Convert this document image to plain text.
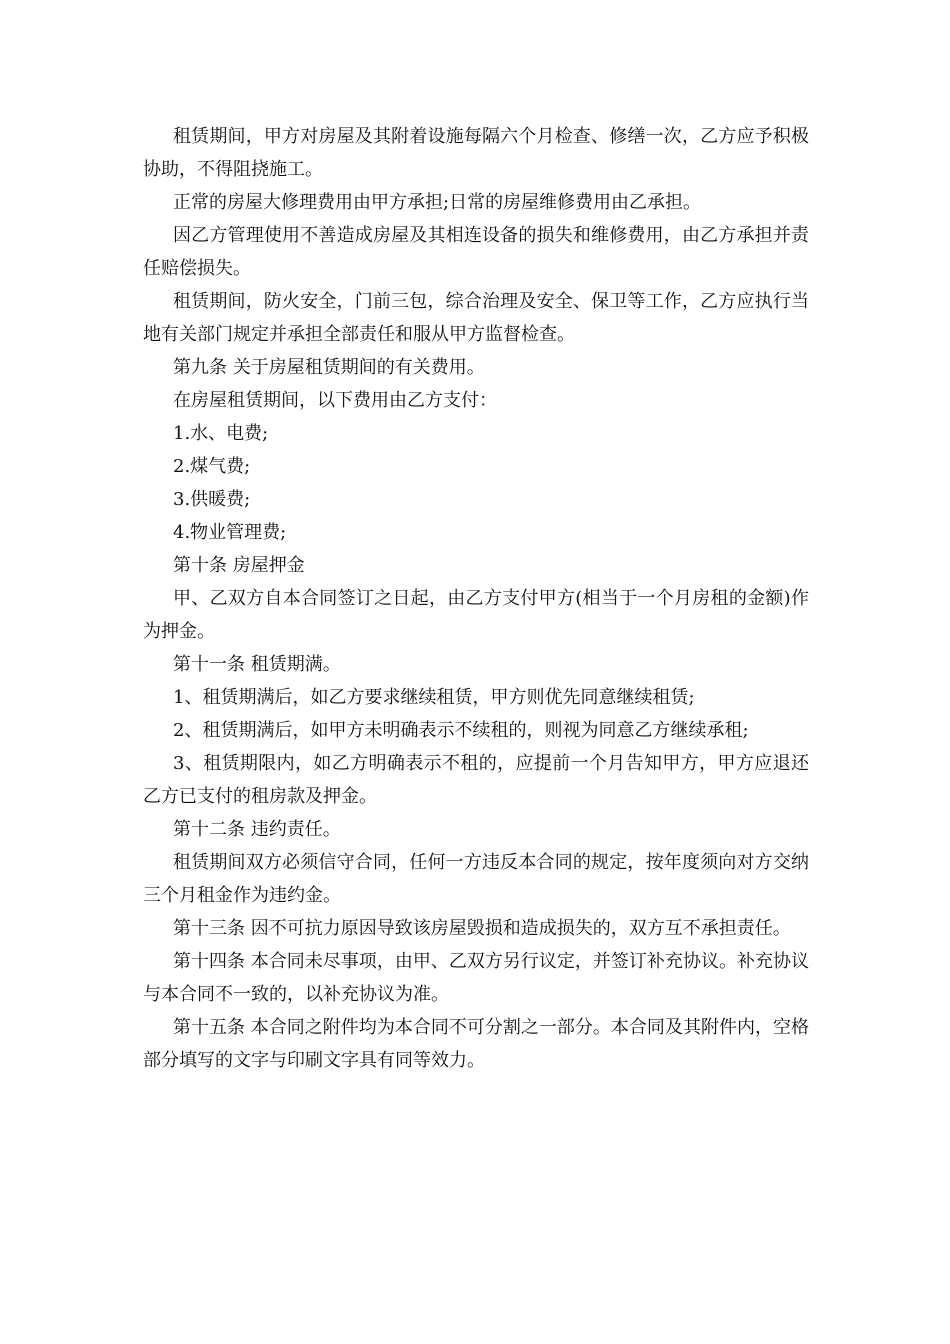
租赁期间，甲方对房屋及其附着设施每隔六个月检查、修缮一次，乙方应予积极协助，不得阻挠施工。

正常的房屋大修理费用由甲方承担;日常的房屋维修费用由乙承担。

因乙方管理使用不善造成房屋及其相连设备的损失和维修费用，由乙方承担并责任赔偿损失。

租赁期间，防火安全，门前三包，综合治理及安全、保卫等工作，乙方应执行当地有关部门规定并承担全部责任和服从甲方监督检查。

第九条 关于房屋租赁期间的有关费用。

在房屋租赁期间，以下费用由乙方支付：

1.水、电费;

2.煤气费;

3.供暖费;

4.物业管理费;

第十条 房屋押金

甲、乙双方自本合同签订之日起，由乙方支付甲方(相当于一个月房租的金额)作为押金。

第十一条 租赁期满。

1、租赁期满后，如乙方要求继续租赁，甲方则优先同意继续租赁;

2、租赁期满后，如甲方未明确表示不续租的，则视为同意乙方继续承租;

3、租赁期限内，如乙方明确表示不租的，应提前一个月告知甲方，甲方应退还乙方已支付的租房款及押金。

第十二条 违约责任。

租赁期间双方必须信守合同，任何一方违反本合同的规定，按年度须向对方交纳三个月租金作为违约金。

第十三条 因不可抗力原因导致该房屋毁损和造成损失的，双方互不承担责任。

第十四条 本合同未尽事项，由甲、乙双方另行议定，并签订补充协议。补充协议与本合同不一致的，以补充协议为准。

第十五条 本合同之附件均为本合同不可分割之一部分。本合同及其附件内，空格部分填写的文字与印刷文字具有同等效力。
